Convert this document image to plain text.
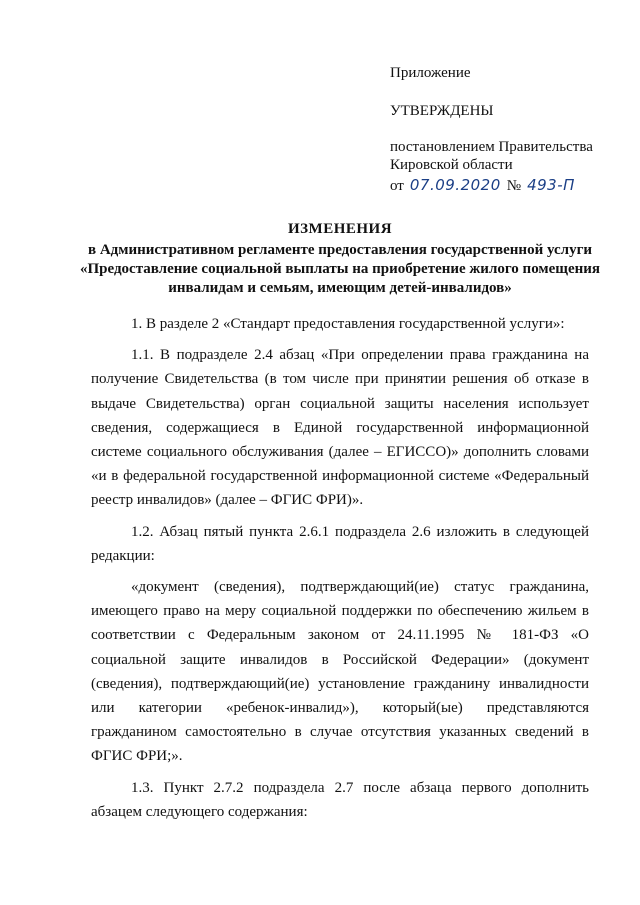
Приложение
УТВЕРЖДЕНЫ
постановлением Правительства
Кировской области
от 07.09.2020 № 493-П
ИЗМЕНЕНИЯ
в Административном регламенте предоставления государственной услуги «Предоставление социальной выплаты на приобретение жилого помещения инвалидам и семьям, имеющим детей-инвалидов»

1. В разделе 2 «Стандарт предоставления государственной услуги»:

1.1. В подразделе 2.4 абзац «При определении права гражданина на получение Свидетельства (в том числе при принятии решения об отказе в выдаче Свидетельства) орган социальной защиты населения использует сведения, содержащиеся в Единой государственной информационной системе социального обслуживания (далее – ЕГИССО)» дополнить словами «и в федеральной государственной информационной системе «Федеральный реестр инвалидов» (далее – ФГИС ФРИ)».

1.2. Абзац пятый пункта 2.6.1 подраздела 2.6 изложить в следующей редакции:

«документ (сведения), подтверждающий(ие) статус гражданина, имеющего право на меру социальной поддержки по обеспечению жильем в соответствии с Федеральным законом от 24.11.1995 № 181-ФЗ «О социальной защите инвалидов в Российской Федерации» (документ (сведения), подтверждающий(ие) установление гражданину инвалидности или категории «ребенок-инвалид»), который(ые) представляются гражданином самостоятельно в случае отсутствия указанных сведений в ФГИС ФРИ;».

1.3. Пункт 2.7.2 подраздела 2.7 после абзаца первого дополнить абзацем следующего содержания:
